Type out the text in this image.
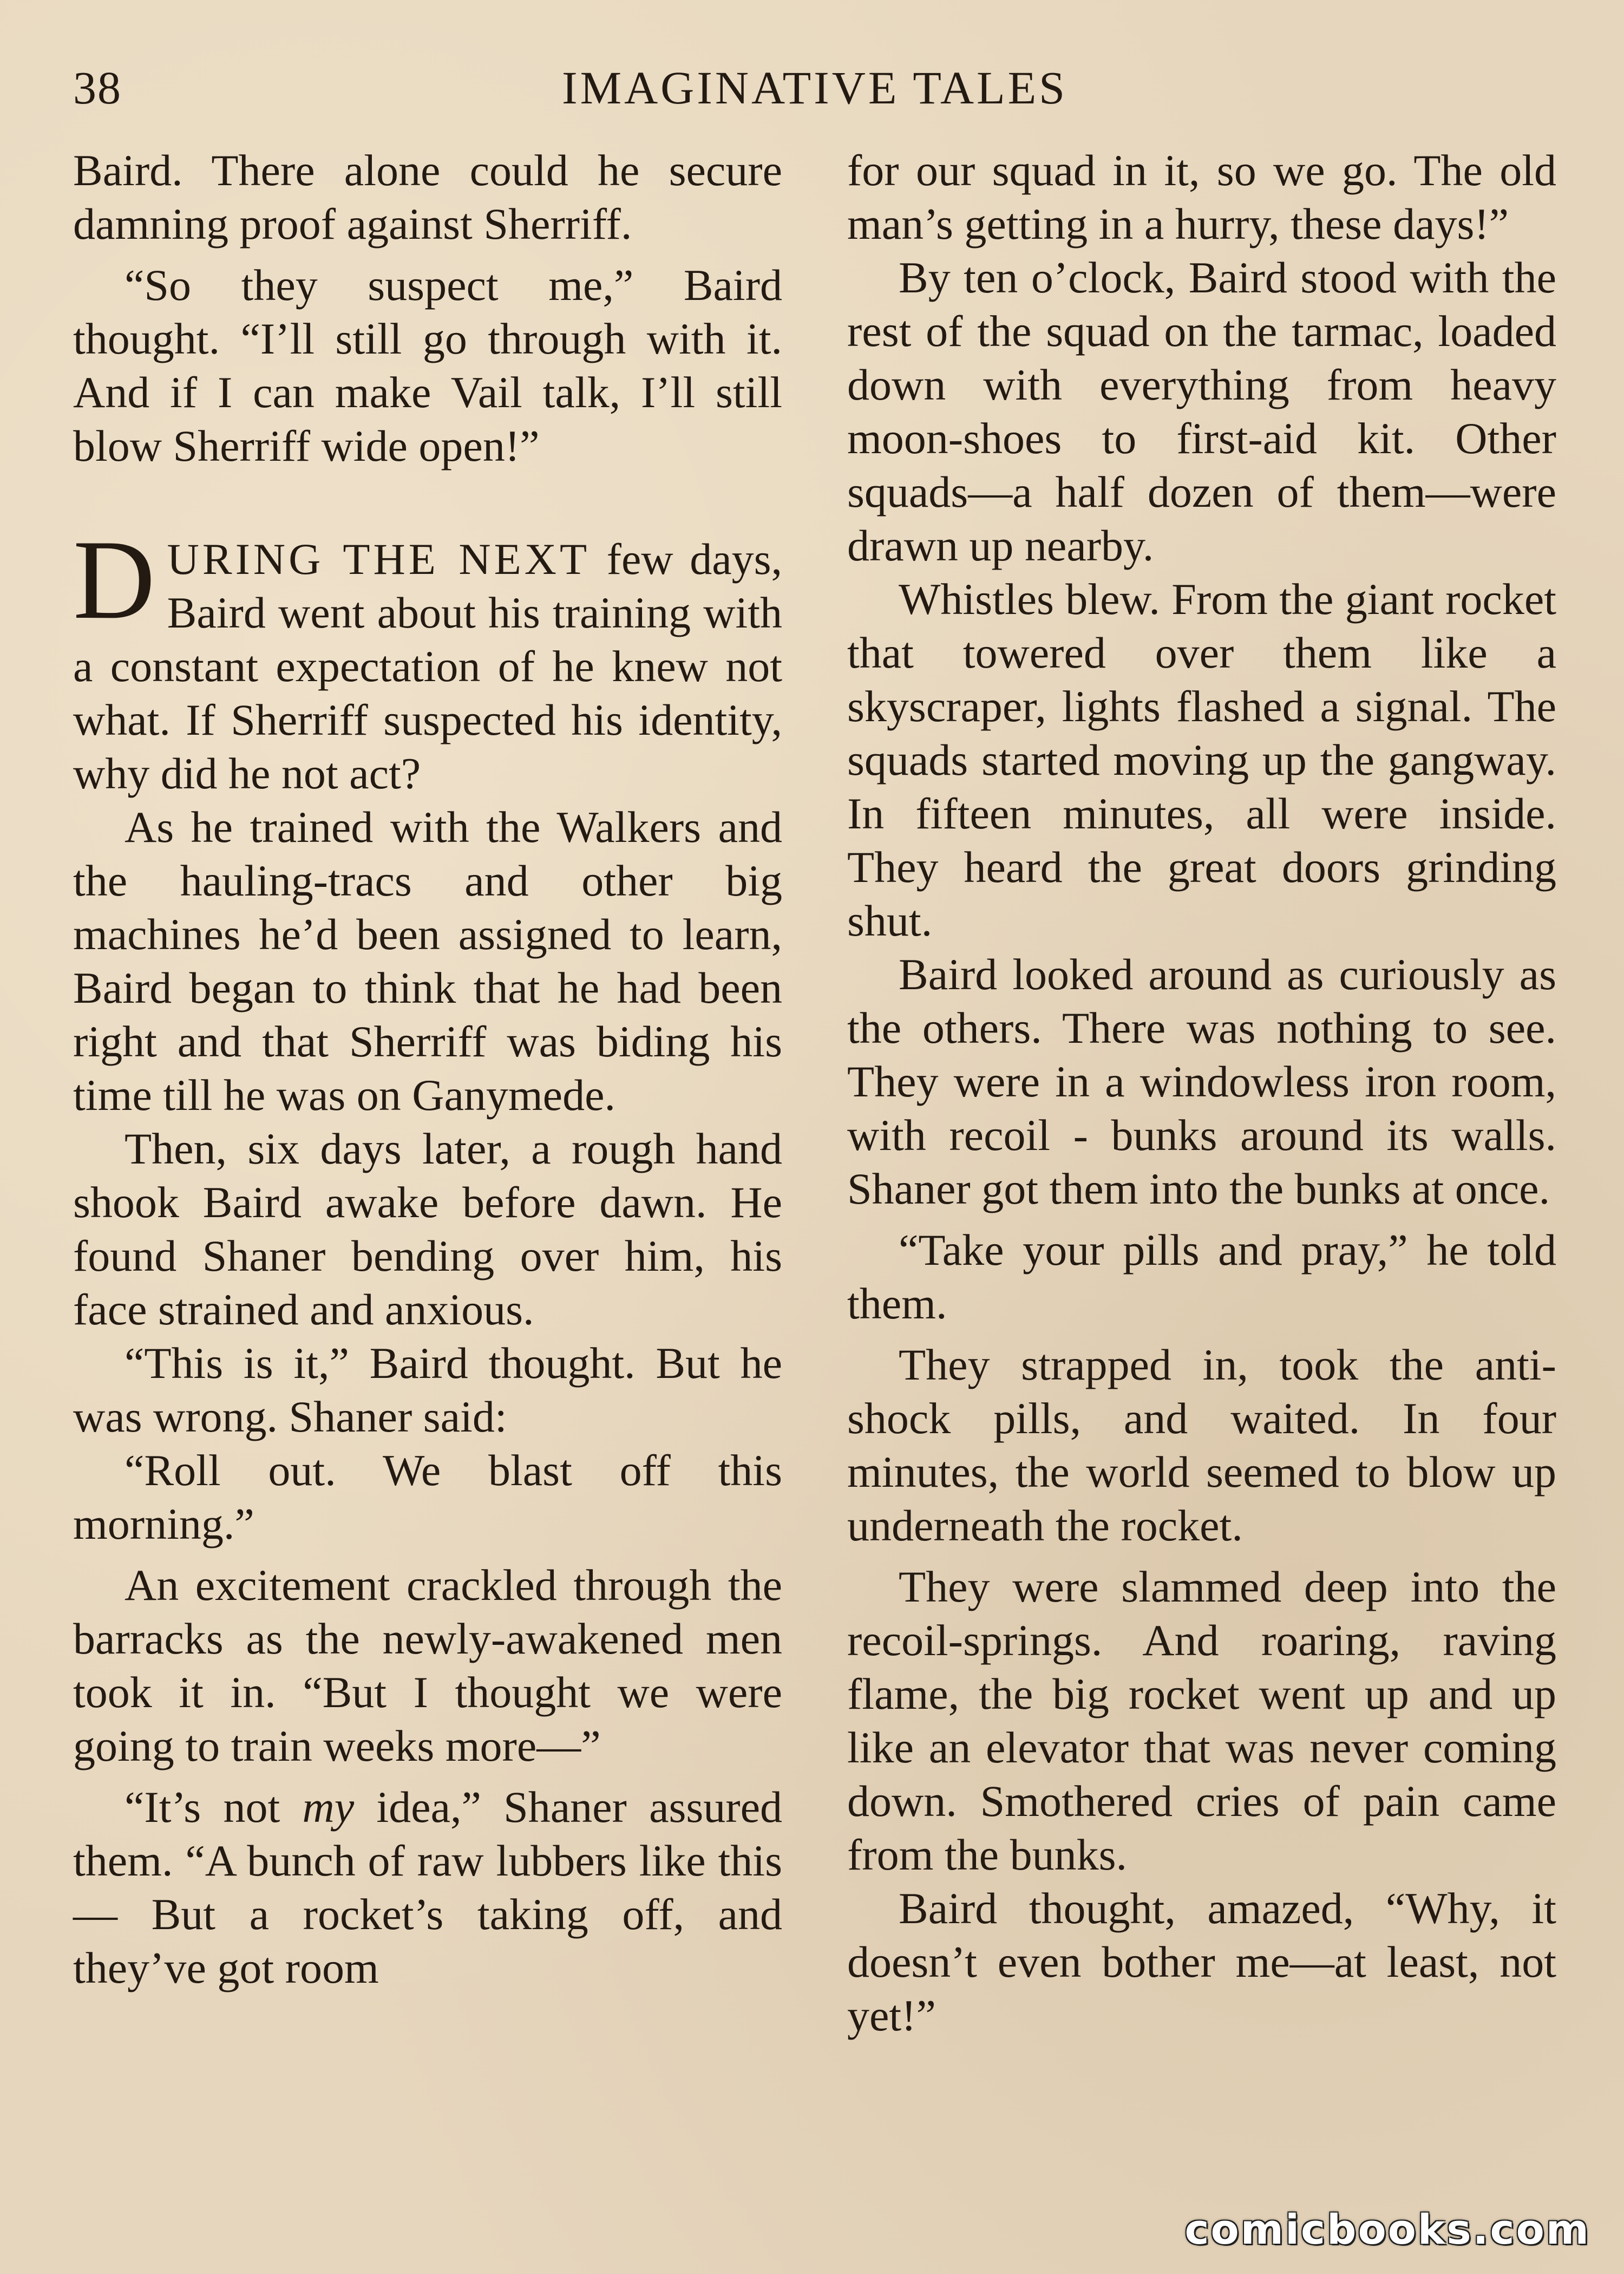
38	IMAGINATIVE TALES

Baird. There alone could he secure damning proof against Sherriff.

“So they suspect me,” Baird thought. “I’ll still go through with it. And if I can make Vail talk, I’ll still blow Sherriff wide open!”

DURING THE NEXT few days, Baird went about his training with a constant expectation of he knew not what. If Sherriff suspected his identity, why did he not act?

As he trained with the Walkers and the hauling-tracs and other big machines he’d been assigned to learn, Baird began to think that he had been right and that Sherriff was biding his time till he was on Ganymede.

Then, six days later, a rough hand shook Baird awake before dawn. He found Shaner bending over him, his face strained and anxious.

“This is it,” Baird thought. But he was wrong. Shaner said:

“Roll out. We blast off this morning.”

An excitement crackled through the barracks as the newly-awakened men took it in. “But I thought we were going to train weeks more—”

“It’s not my idea,” Shaner assured them. “A bunch of raw lubbers like this— But a rocket’s taking off, and they’ve got room

for our squad in it, so we go. The old man’s getting in a hurry, these days!”

By ten o’clock, Baird stood with the rest of the squad on the tarmac, loaded down with everything from heavy moon-shoes to first-aid kit. Other squads—a half dozen of them—were drawn up nearby.

Whistles blew. From the giant rocket that towered over them like a skyscraper, lights flashed a signal. The squads started moving up the gangway. In fifteen minutes, all were inside. They heard the great doors grinding shut.

Baird looked around as curiously as the others. There was nothing to see. They were in a windowless iron room, with recoil - bunks around its walls. Shaner got them into the bunks at once.

“Take your pills and pray,” he told them.

They strapped in, took the anti-shock pills, and waited. In four minutes, the world seemed to blow up underneath the rocket.

They were slammed deep into the recoil-springs. And roaring, raving flame, the big rocket went up and up like an elevator that was never coming down. Smothered cries of pain came from the bunks.

Baird thought, amazed, “Why, it doesn’t even bother me—at least, not yet!”

comicbooks.com
